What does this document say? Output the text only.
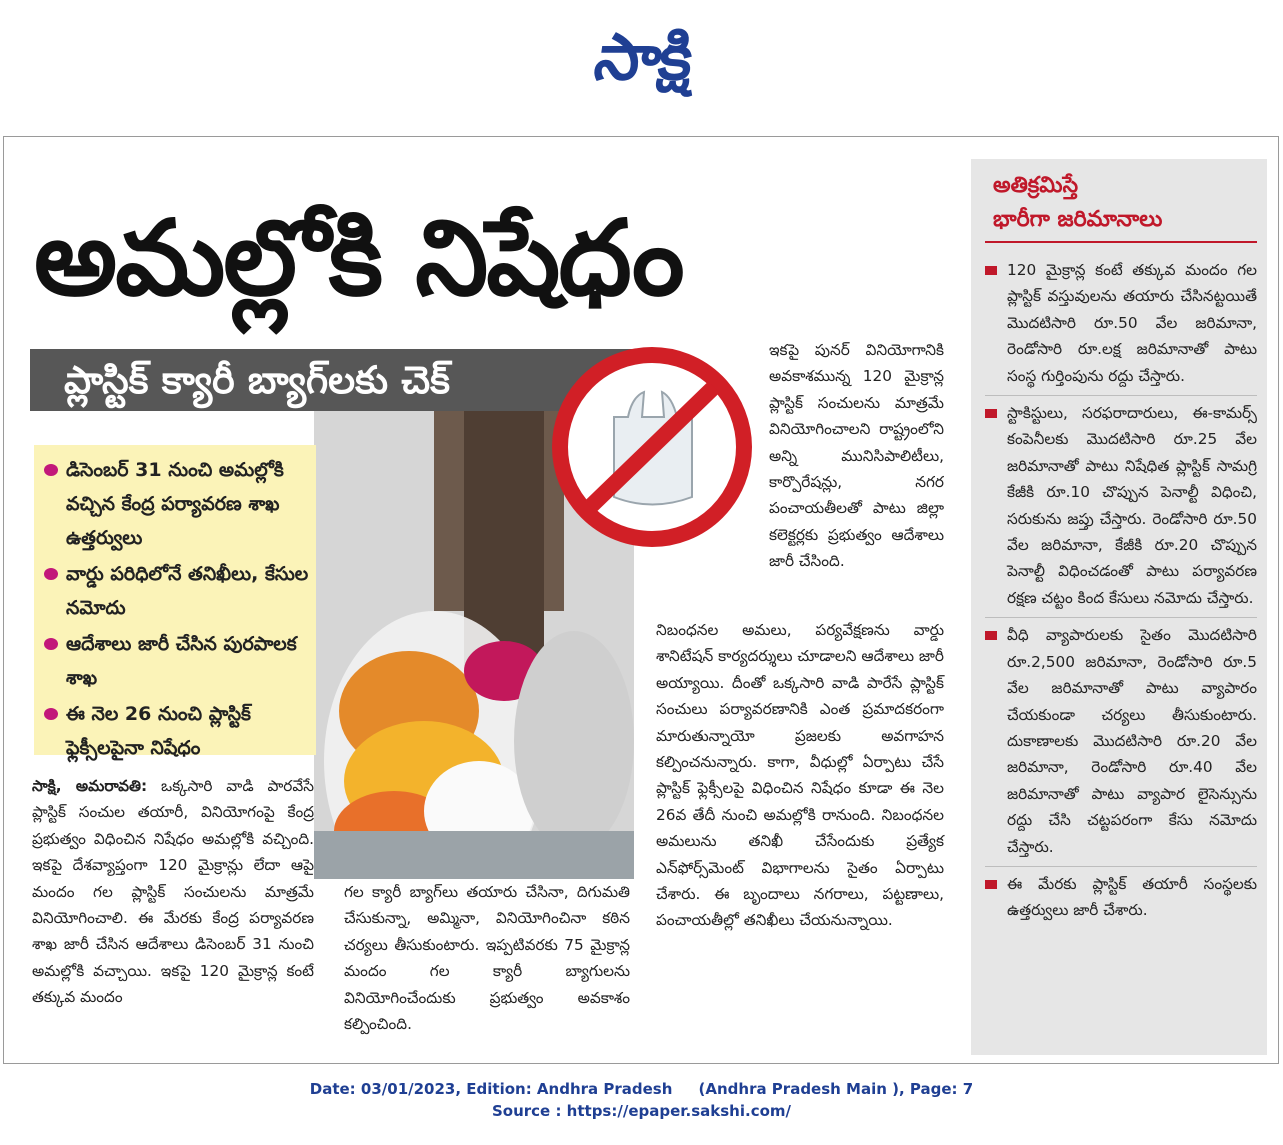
సాక్షి
అమల్లోకి నిషేధం
ప్లాస్టిక్ క్యారీ బ్యాగ్‌లకు చెక్
డిసెంబర్ 31 నుంచి అమల్లోకి వచ్చిన కేంద్ర పర్యావరణ శాఖ ఉత్తర్వులు
వార్డు పరిధిలోనే తనిఖీలు, కేసుల నమోదు
ఆదేశాలు జారీ చేసిన పురపాలక శాఖ
ఈ నెల 26 నుంచి ప్లాస్టిక్ ఫ్లెక్సీలపైనా నిషేధం

సాక్షి, అమరావతి: ఒక్కసారి వాడి పారవేసే ప్లాస్టిక్ సంచుల తయారీ, వినియోగంపై కేంద్ర ప్రభుత్వం విధించిన నిషేధం అమల్లోకి వచ్చింది. ఇకపై దేశవ్యాప్తంగా 120 మైక్రాన్లు లేదా ఆపై మందం గల ప్లాస్టిక్ సంచులను మాత్రమే వినియోగించాలి. ఈ మేరకు కేంద్ర పర్యావరణ శాఖ జారీ చేసిన ఆదేశాలు డిసెంబర్ 31 నుంచి అమల్లోకి వచ్చాయి. ఇకపై 120 మైక్రాన్ల కంటే తక్కువ మందం

గల క్యారీ బ్యాగ్‌లు తయారు చేసినా, దిగుమతి చేసుకున్నా, అమ్మినా, వినియోగించినా కఠిన చర్యలు తీసుకుంటారు. ఇప్పటివరకు 75 మైక్రాన్ల మందం గల క్యారీ బ్యాగులను వినియోగించేందుకు ప్రభుత్వం అవకాశం కల్పించింది.

ఇకపై పునర్ వినియోగానికి అవకాశమున్న 120 మైక్రాన్ల ప్లాస్టిక్ సంచులను మాత్రమే వినియోగించాలని రాష్ట్రంలోని అన్ని మునిసిపాలిటీలు, కార్పొరేషన్లు, నగర పంచాయతీలతో పాటు జిల్లా కలెక్టర్లకు ప్రభుత్వం ఆదేశాలు జారీ చేసింది.

నిబంధనల అమలు, పర్యవేక్షణను వార్డు శానిటేషన్ కార్యదర్శులు చూడాలని ఆదేశాలు జారీ అయ్యాయి. దీంతో ఒక్కసారి వాడి పారేసే ప్లాస్టిక్ సంచులు పర్యావరణానికి ఎంత ప్రమాదకరంగా మారుతున్నాయో ప్రజలకు అవగాహన కల్పించనున్నారు. కాగా, వీధుల్లో ఏర్పాటు చేసే ప్లాస్టిక్ ఫ్లెక్సీలపై విధించిన నిషేధం కూడా ఈ నెల 26వ తేదీ నుంచి అమల్లోకి రానుంది. నిబంధనల అమలును తనిఖీ చేసేందుకు ప్రత్యేక ఎన్‌ఫోర్స్‌మెంట్ విభాగాలను సైతం ఏర్పాటు చేశారు. ఈ బృందాలు నగరాలు, పట్టణాలు, పంచాయతీల్లో తనిఖీలు చేయనున్నాయి.

అతిక్రమిస్తే
భారీగా జరిమానాలు
120 మైక్రాన్ల కంటే తక్కువ మందం గల ప్లాస్టిక్ వస్తువులను తయారు చేసినట్టయితే మొదటిసారి రూ.50 వేల జరిమానా, రెండోసారి రూ.లక్ష జరిమానాతో పాటు సంస్థ గుర్తింపును రద్దు చేస్తారు.
స్టాకిస్టులు, సరఫరాదారులు, ఈ-కామర్స్ కంపెనీలకు మొదటిసారి రూ.25 వేల జరిమానాతో పాటు నిషేధిత ప్లాస్టిక్ సామగ్రి కేజీకి రూ.10 చొప్పున పెనాల్టీ విధించి, సరుకును జప్తు చేస్తారు. రెండోసారి రూ.50 వేల జరిమానా, కేజీకి రూ.20 చొప్పున పెనాల్టీ విధించడంతో పాటు పర్యావరణ రక్షణ చట్టం కింద కేసులు నమోదు చేస్తారు.
వీధి వ్యాపారులకు సైతం మొదటిసారి రూ.2,500 జరిమానా, రెండోసారి రూ.5 వేల జరిమానాతో పాటు వ్యాపారం చేయకుండా చర్యలు తీసుకుంటారు. దుకాణాలకు మొదటిసారి రూ.20 వేల జరిమానా, రెండోసారి రూ.40 వేల జరిమానాతో పాటు వ్యాపార లైసెన్సును రద్దు చేసి చట్టపరంగా కేసు నమోదు చేస్తారు.
ఈ మేరకు ప్లాస్టిక్ తయారీ సంస్థలకు ఉత్తర్వులు జారీ చేశారు.
Date: 03/01/2023, Edition: Andhra Pradesh     (Andhra Pradesh Main ), Page: 7
Source : https://epaper.sakshi.com/
